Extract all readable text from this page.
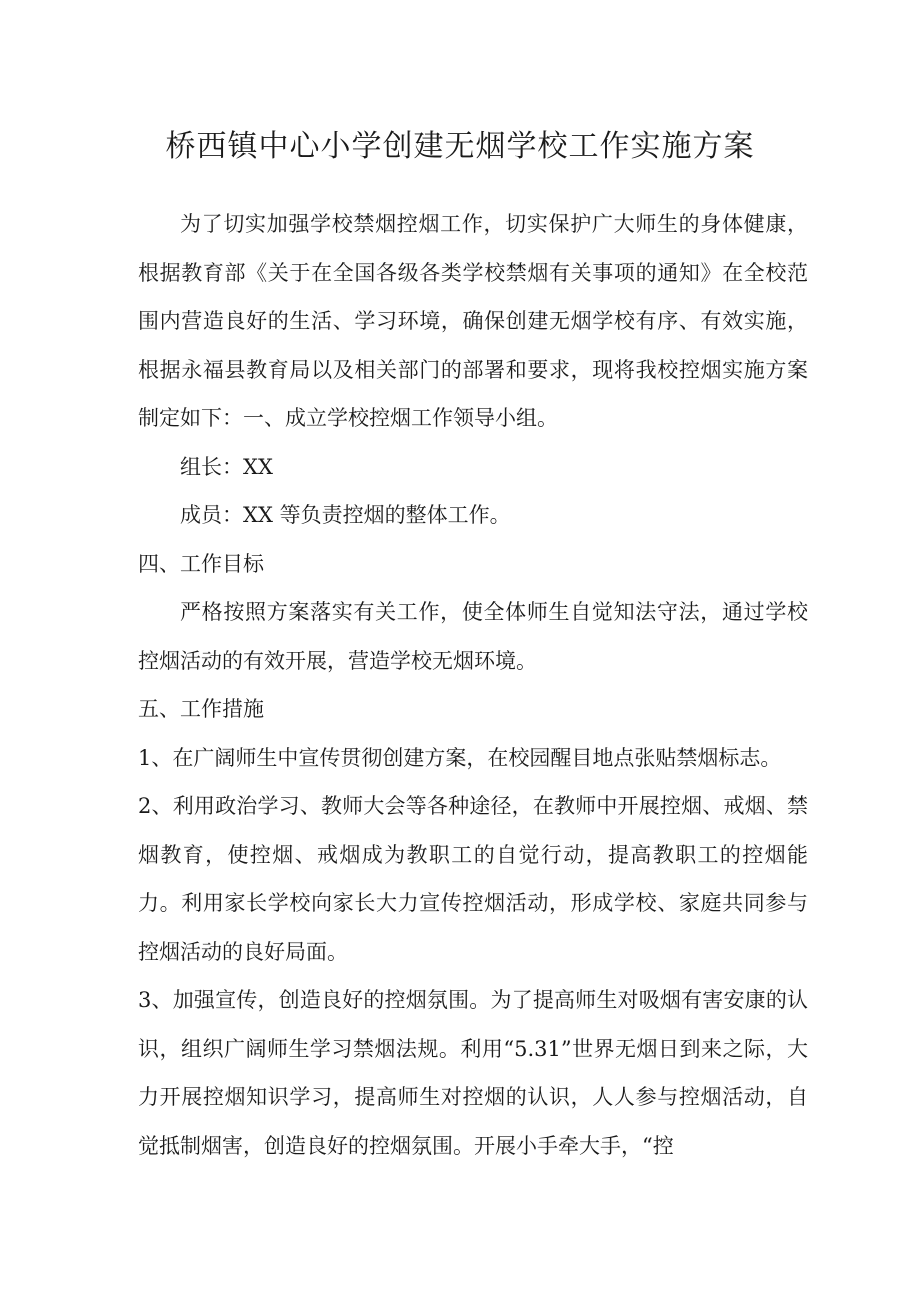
桥西镇中心小学创建无烟学校工作实施方案

为了切实加强学校禁烟控烟工作，切实保护广大师生的身体健康，根据教育部《关于在全国各级各类学校禁烟有关事项的通知》在全校范围内营造良好的生活、学习环境，确保创建无烟学校有序、有效实施，根据永福县教育局以及相关部门的部署和要求，现将我校控烟实施方案制定如下：一、成立学校控烟工作领导小组。

组长：XX

成员：XX 等负责控烟的整体工作。

四、工作目标

严格按照方案落实有关工作，使全体师生自觉知法守法，通过学校控烟活动的有效开展，营造学校无烟环境。

五、工作措施

1、在广阔师生中宣传贯彻创建方案，在校园醒目地点张贴禁烟标志。

2、利用政治学习、教师大会等各种途径，在教师中开展控烟、戒烟、禁烟教育，使控烟、戒烟成为教职工的自觉行动，提高教职工的控烟能力。利用家长学校向家长大力宣传控烟活动，形成学校、家庭共同参与控烟活动的良好局面。

3、加强宣传，创造良好的控烟氛围。为了提高师生对吸烟有害安康的认识，组织广阔师生学习禁烟法规。利用“5.31”世界无烟日到来之际，大力开展控烟知识学习，提高师生对控烟的认识，人人参与控烟活动，自觉抵制烟害，创造良好的控烟氛围。开展小手牵大手，“控
